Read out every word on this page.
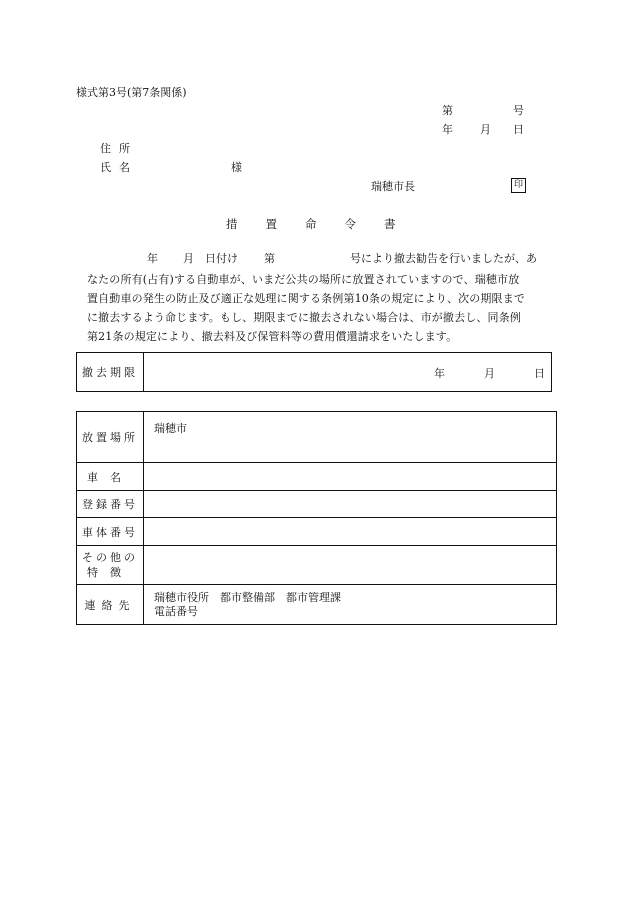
様式第3号(第7条関係)
第	号
年 月 日
住所
氏名	様
瑞穂市長	印
措置命令書
年 月 日付け 第	号により撤去勧告を行いましたが、あ
なたの所有(占有)する自動車が、いまだ公共の場所に放置されていますので、瑞穂市放
置自動車の発生の防止及び適正な処理に関する条例第10条の規定により、次の期限まで
に撤去するよう命じます。もし、期限までに撤去されない場合は、市が撤去し、同条例
第21条の規定により、撤去料及び保管料等の費用償還請求をいたします。
撤去期限	年	月	日
放置場所	瑞穂市
車名	
登録番号	
車体番号	

その他の
特徴	

連絡先	瑞穂市役所　都市整備部　都市管理課
電話番号
